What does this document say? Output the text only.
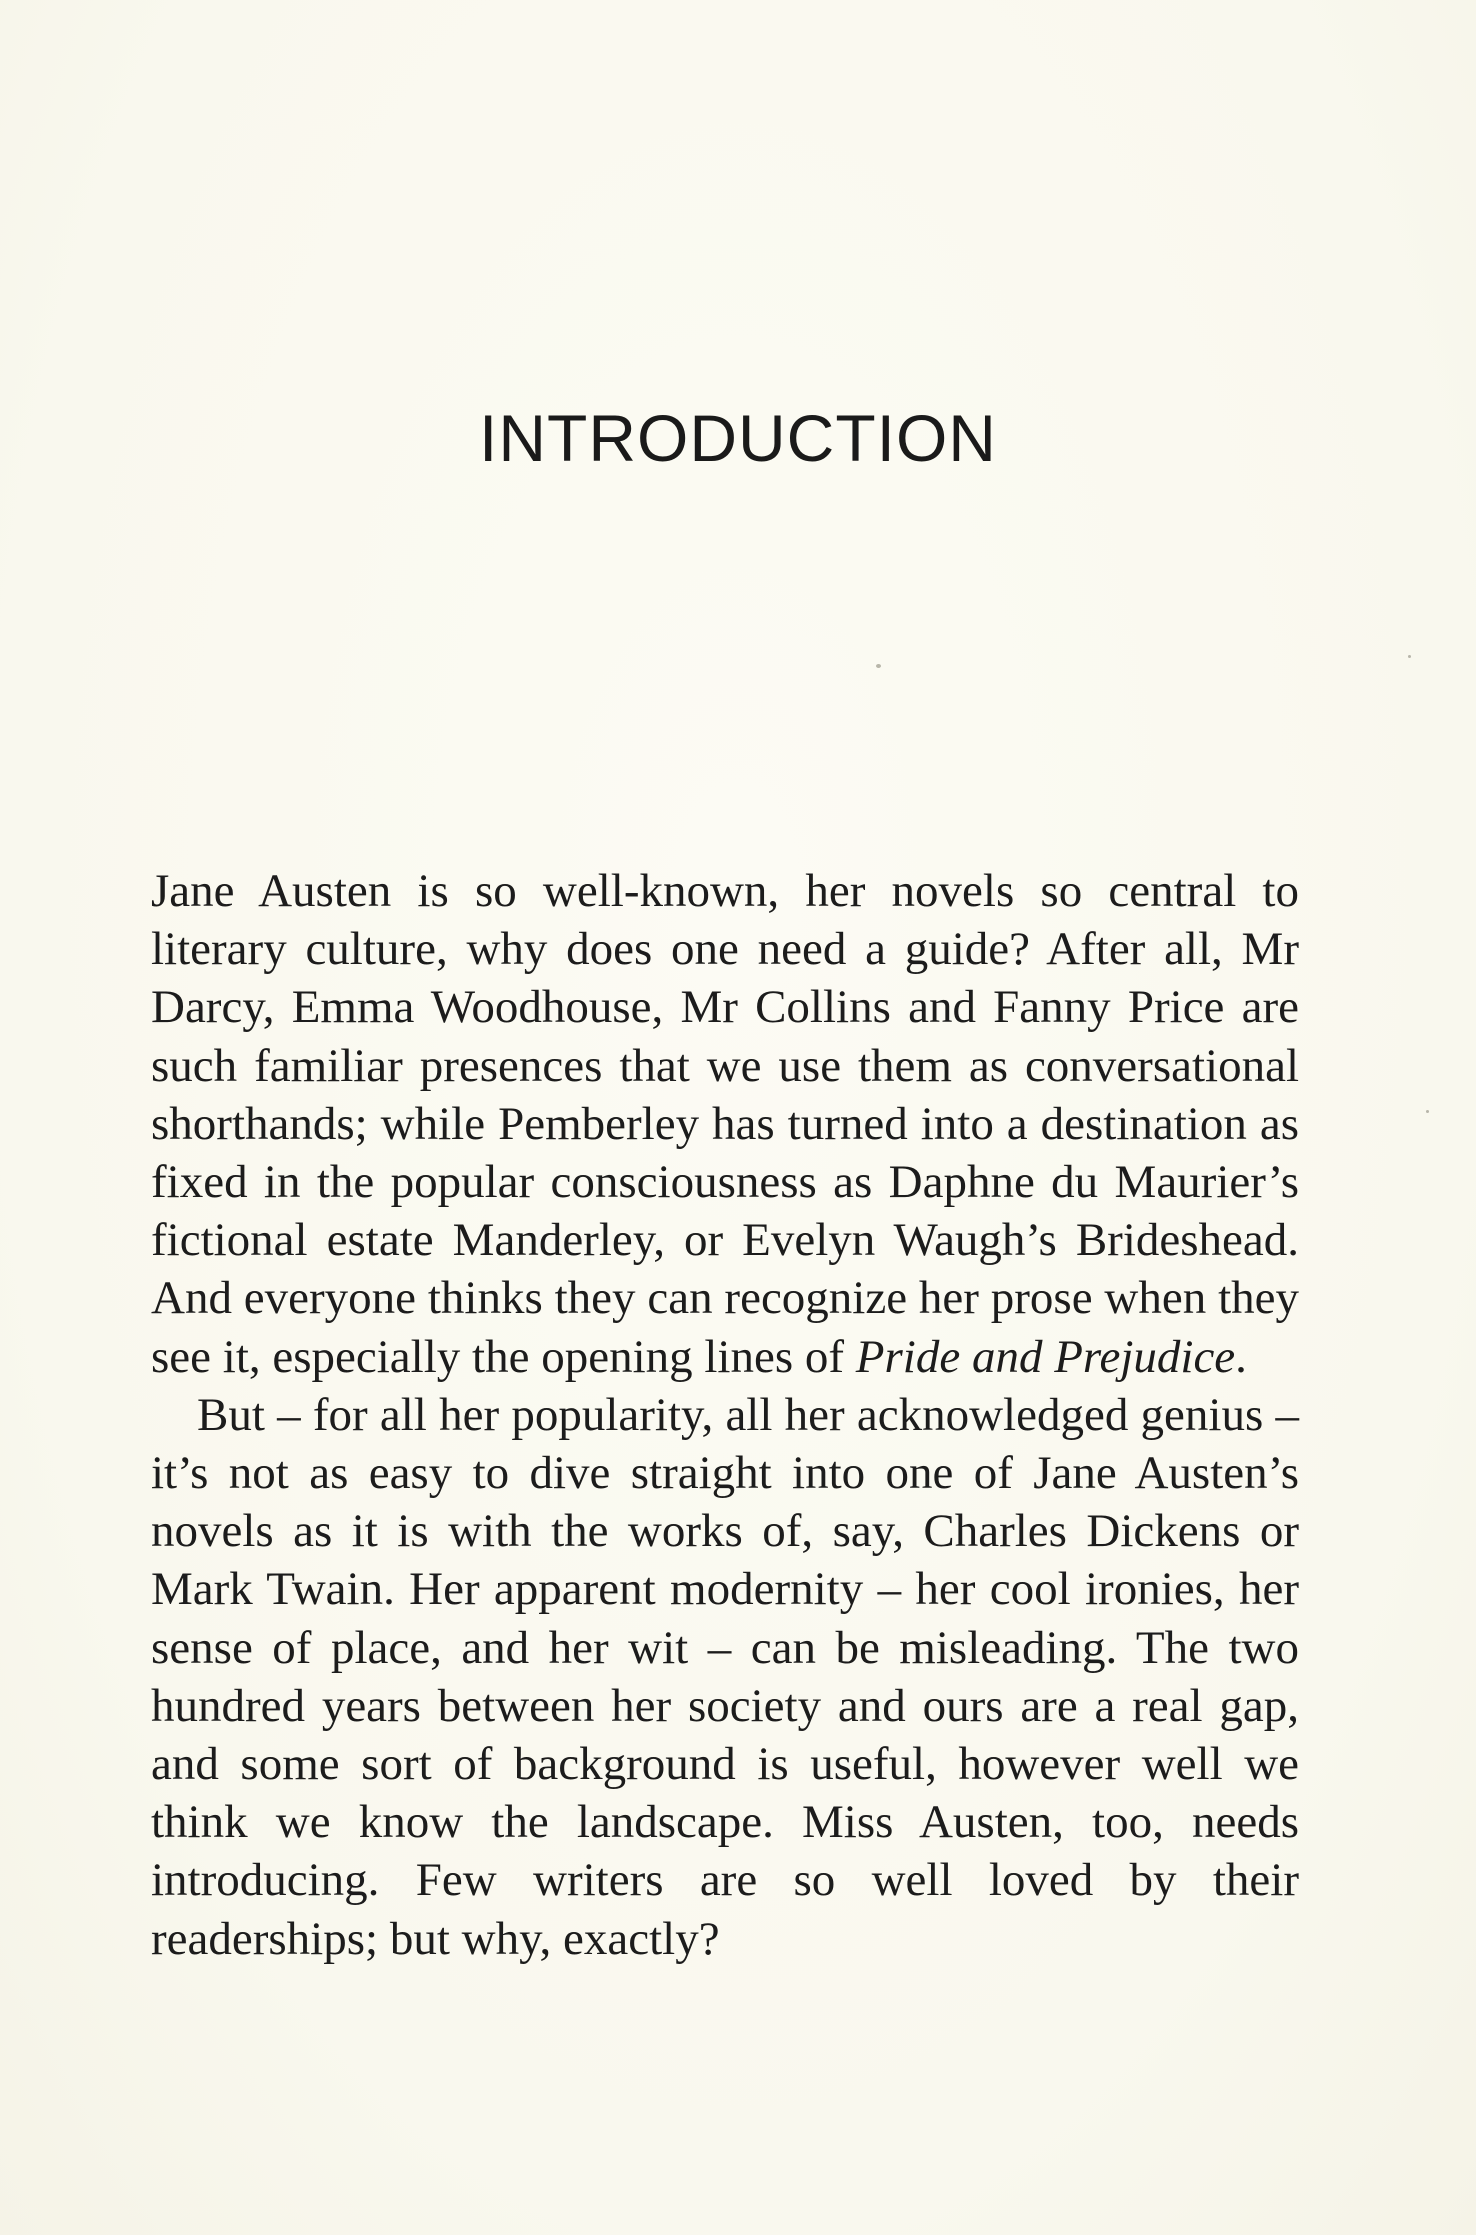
INTRODUCTION

Jane Austen is so well-known, her novels so central to literary culture, why does one need a guide? After all, Mr Darcy, Emma Woodhouse, Mr Collins and Fanny Price are such familiar presences that we use them as conversational shorthands; while Pemberley has turned into a destination as fixed in the popular consciousness as Daphne du Maurier’s fictional estate Manderley, or Evelyn Waugh’s Brideshead. And everyone thinks they can recognize her prose when they see it, especially the opening lines of Pride and Prejudice.

But – for all her popularity, all her acknowledged genius – it’s not as easy to dive straight into one of Jane Austen’s novels as it is with the works of, say, Charles Dickens or Mark Twain. Her apparent modernity – her cool ironies, her sense of place, and her wit – can be misleading. The two hundred years between her society and ours are a real gap, and some sort of background is useful, however well we think we know the landscape. Miss Austen, too, needs introducing. Few writers are so well loved by their readerships; but why, exactly?
